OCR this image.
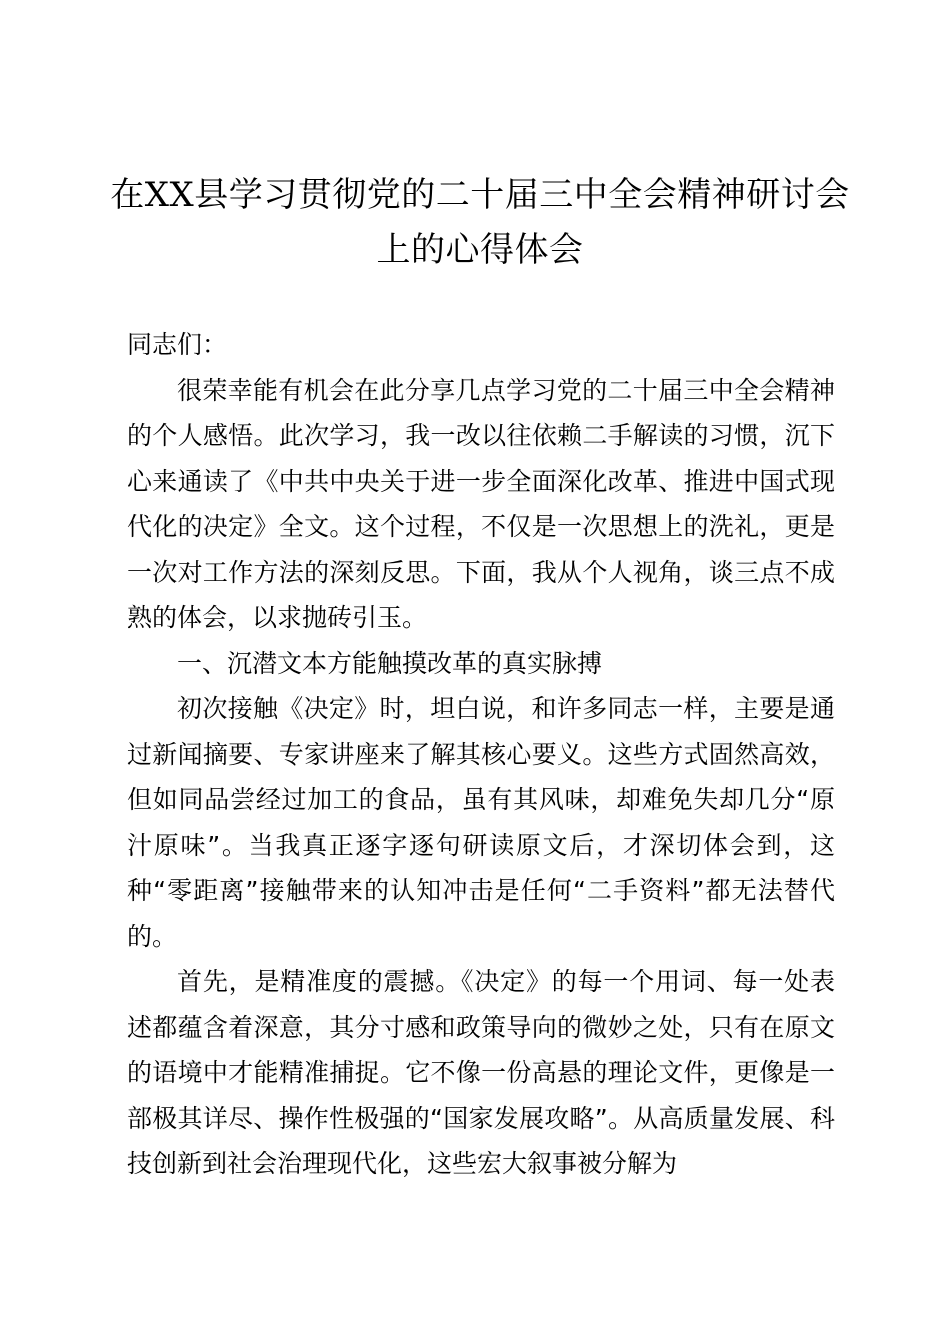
在XX县学习贯彻党的二十届三中全会精神研讨会上的心得体会

同志们：

很荣幸能有机会在此分享几点学习党的二十届三中全会精神的个人感悟。此次学习，我一改以往依赖二手解读的习惯，沉下心来通读了《中共中央关于进一步全面深化改革、推进中国式现代化的决定》全文。这个过程，不仅是一次思想上的洗礼，更是一次对工作方法的深刻反思。下面，我从个人视角，谈三点不成熟的体会，以求抛砖引玉。

一、沉潜文本方能触摸改革的真实脉搏

初次接触《决定》时，坦白说，和许多同志一样，主要是通过新闻摘要、专家讲座来了解其核心要义。这些方式固然高效，但如同品尝经过加工的食品，虽有其风味，却难免失却几分“原汁原味”。当我真正逐字逐句研读原文后，才深切体会到，这种“零距离”接触带来的认知冲击是任何“二手资料”都无法替代的。

首先，是精准度的震撼。《决定》的每一个用词、每一处表述都蕴含着深意，其分寸感和政策导向的微妙之处，只有在原文的语境中才能精准捕捉。它不像一份高悬的理论文件，更像是一部极其详尽、操作性极强的“国家发展攻略”。从高质量发展、科技创新到社会治理现代化，这些宏大叙事被分解为
